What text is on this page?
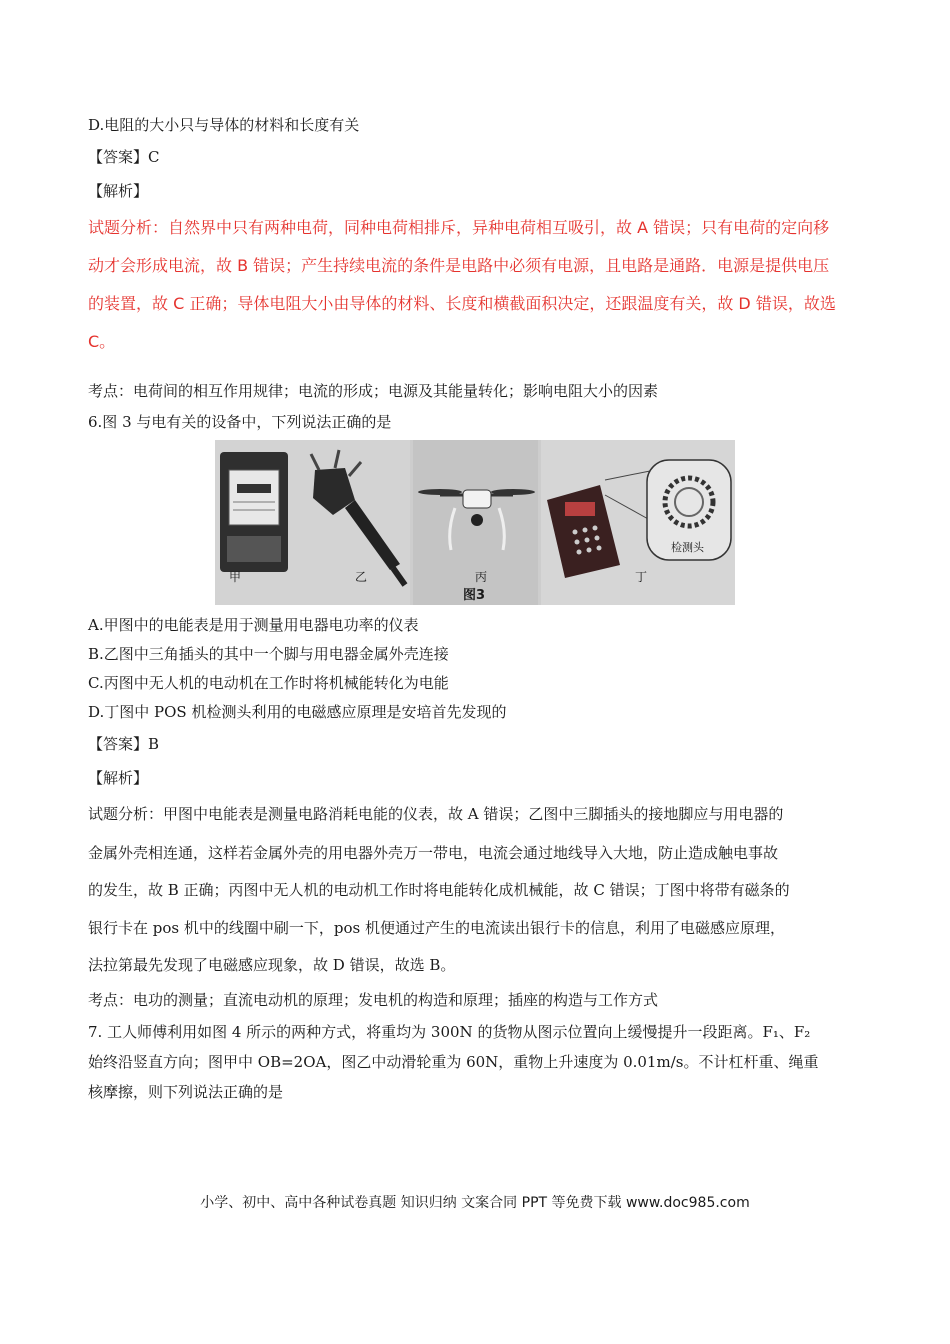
D.电阻的大小只与导体的材料和长度有关
【答案】C
【解析】
试题分析：自然界中只有两种电荷，同种电荷相排斥，异种电荷相互吸引，故 A 错误；只有电荷的定向移
动才会形成电流，故 B 错误；产生持续电流的条件是电路中必须有电源，且电路是通路．电源是提供电压
的装置，故 C 正确；导体电阻大小由导体的材料、长度和横截面积决定，还跟温度有关，故 D 错误，故选
C。
考点：电荷间的相互作用规律；电流的形成；电源及其能量转化；影响电阻大小的因素
6.图 3 与电有关的设备中，下列说法正确的是
检测头
甲	乙	丙	丁
图3
A.甲图中的电能表是用于测量用电器电功率的仪表
B.乙图中三角插头的其中一个脚与用电器金属外壳连接
C.丙图中无人机的电动机在工作时将机械能转化为电能
D.丁图中 POS 机检测头利用的电磁感应原理是安培首先发现的
【答案】B
【解析】
试题分析：甲图中电能表是测量电路消耗电能的仪表，故 A 错误；乙图中三脚插头的接地脚应与用电器的
金属外壳相连通，这样若金属外壳的用电器外壳万一带电，电流会通过地线导入大地，防止造成触电事故
的发生，故 B 正确；丙图中无人机的电动机工作时将电能转化成机械能，故 C 错误；丁图中将带有磁条的
银行卡在 pos 机中的线圈中刷一下，pos 机便通过产生的电流读出银行卡的信息，利用了电磁感应原理，
法拉第最先发现了电磁感应现象，故 D 错误，故选 B。
考点：电功的测量；直流电动机的原理；发电机的构造和原理；插座的构造与工作方式
7. 工人师傅利用如图 4 所示的两种方式，将重均为 300N 的货物从图示位置向上缓慢提升一段距离。F₁、F₂
始终沿竖直方向；图甲中 OB=2OA，图乙中动滑轮重为 60N，重物上升速度为 0.01m/s。不计杠杆重、绳重
核摩擦，则下列说法正确的是
小学、初中、高中各种试卷真题 知识归纳 文案合同 PPT 等免费下载 www.doc985.com
